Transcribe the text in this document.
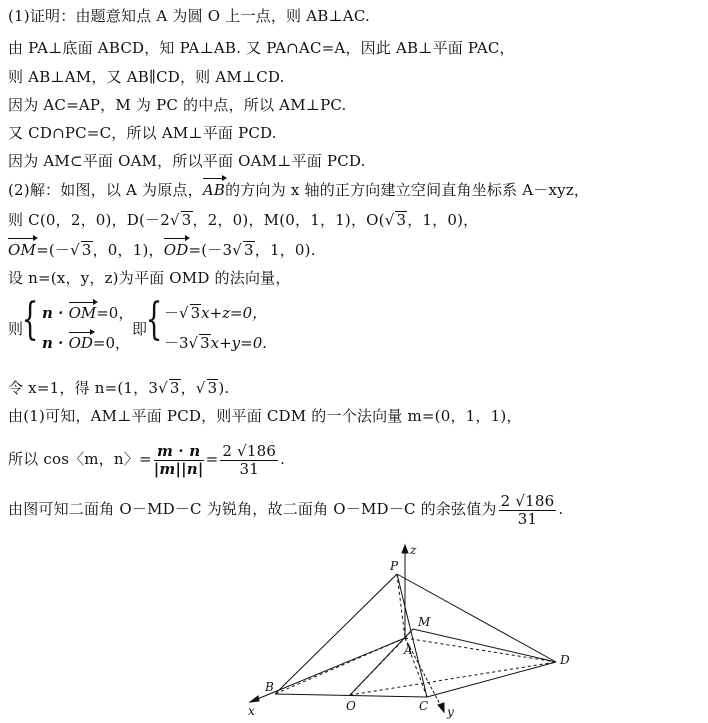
(1)证明：由题意知点 A 为圆 O 上一点，则 AB⊥AC.
由 PA⊥底面 ABCD，知 PA⊥AB. 又 PA∩AC=A，因此 AB⊥平面 PAC，
则 AB⊥AM，又 AB∥CD，则 AM⊥CD.
因为 AC=AP，M 为 PC 的中点，所以 AM⊥PC.
又 CD∩PC=C，所以 AM⊥平面 PCD.
因为 AM⊂平面 OAM，所以平面 OAM⊥平面 PCD.
(2)解：如图，以 A 为原点，AB的方向为 x 轴的正方向建立空间直角坐标系 A－xyz，
则 C(0，2，0)，D(－2√ 3，2，0)，M(0，1，1)，O(√ 3，1，0)，
OM=(－√ 3，0，1)，OD=(－3√ 3，1，0).
设 n=(x，y，z)为平面 OMD 的法向量，
则
{ n · OM=0，
n · OD=0，
即
{ －√ 3x+z=0，
－3√ 3x+y=0.
令 x=1，得 n=(1，3√ 3，√ 3).
由(1)可知，AM⊥平面 PCD，则平面 CDM 的一个法向量 m=(0，1，1)，
所以 cos〈m，n〉= $\frac{m \cdot n}{|m||n|} = \frac{2 √186}{31}$ .
由图可知二面角 O－MD－C 为锐角，故二面角 O－MD－C 的余弦值为 $\frac{2 √186}{31}$ .
P
z
M
A
D
B
O	C
x	y
